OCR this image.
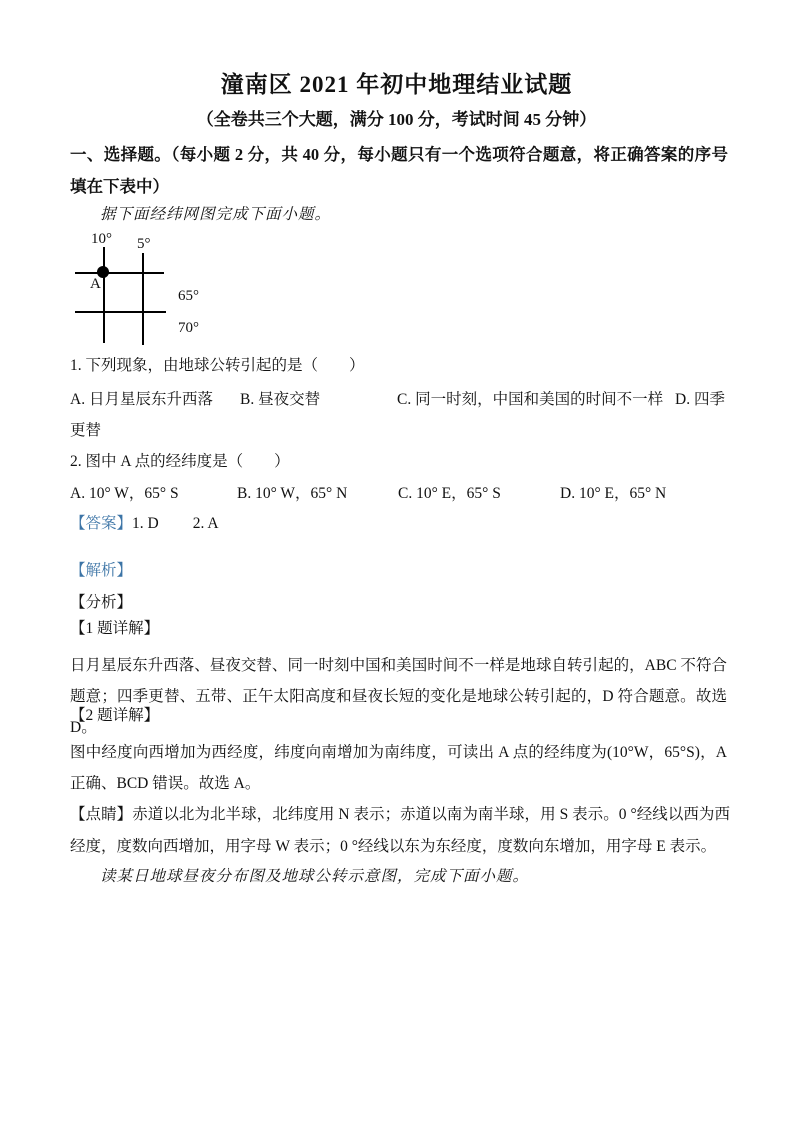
潼南区 2021 年初中地理结业试题
（全卷共三个大题，满分 100 分，考试时间 45 分钟）
一、选择题。（每小题 2 分，共 40 分，每小题只有一个选项符合题意，将正确答案的序号填在下表中）
据下面经纬网图完成下面小题。
10° 5°
A
65°
70°
1. 下列现象，由地球公转引起的是（　　）
A. 日月星辰东升西落 B. 昼夜交替	C. 同一时刻，中国和美国的时间不一样 D. 四季
更替
2. 图中 A 点的经纬度是（　　）
A. 10° W，65° S	B. 10° W，65° N	C. 10° E，65° S	D. 10° E，65° N
【答案】1. D 2. A
【解析】
【分析】
【1 题详解】
日月星辰东升西落、昼夜交替、同一时刻中国和美国时间不一样是地球自转引起的，ABC 不符合题意；四季更替、五带、正午太阳高度和昼夜长短的变化是地球公转引起的，D 符合题意。故选 D。
【2 题详解】
图中经度向西增加为西经度，纬度向南增加为南纬度，可读出 A 点的经纬度为(10°W，65°S)，A 正确、BCD 错误。故选 A。
【点睛】赤道以北为北半球，北纬度用 N 表示；赤道以南为南半球，用 S 表示。0 °经线以西为西经度，度数向西增加，用字母 W 表示；0 °经线以东为东经度，度数向东增加，用字母 E 表示。
读某日地球昼夜分布图及地球公转示意图，完成下面小题。
